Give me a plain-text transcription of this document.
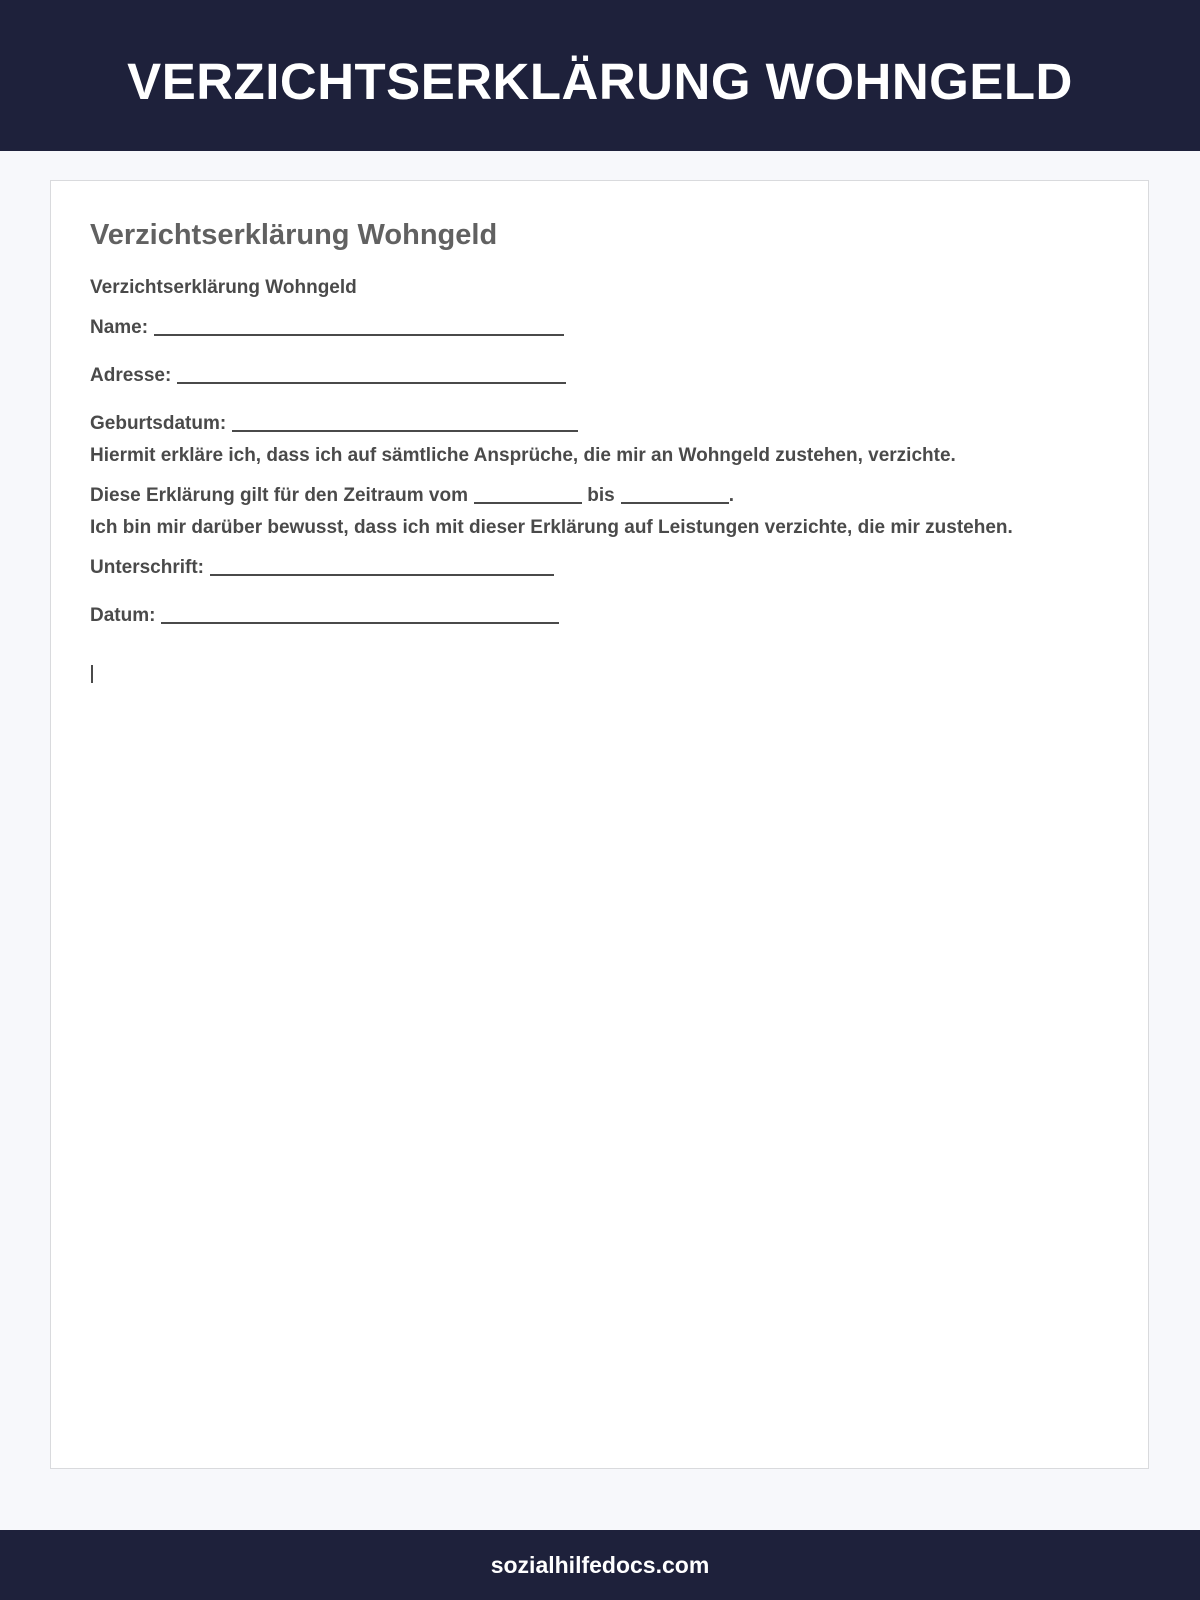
VERZICHTSERKLÄRUNG WOHNGELD
Verzichtserklärung Wohngeld

Verzichtserklärung Wohngeld

Name:

Adresse:

Geburtsdatum:

Hiermit erkläre ich, dass ich auf sämtliche Ansprüche, die mir an Wohngeld zustehen, verzichte.

Diese Erklärung gilt für den Zeitraum vom	bis	.

Ich bin mir darüber bewusst, dass ich mit dieser Erklärung auf Leistungen verzichte, die mir zustehen.

Unterschrift:

Datum:

sozialhilfedocs.com
